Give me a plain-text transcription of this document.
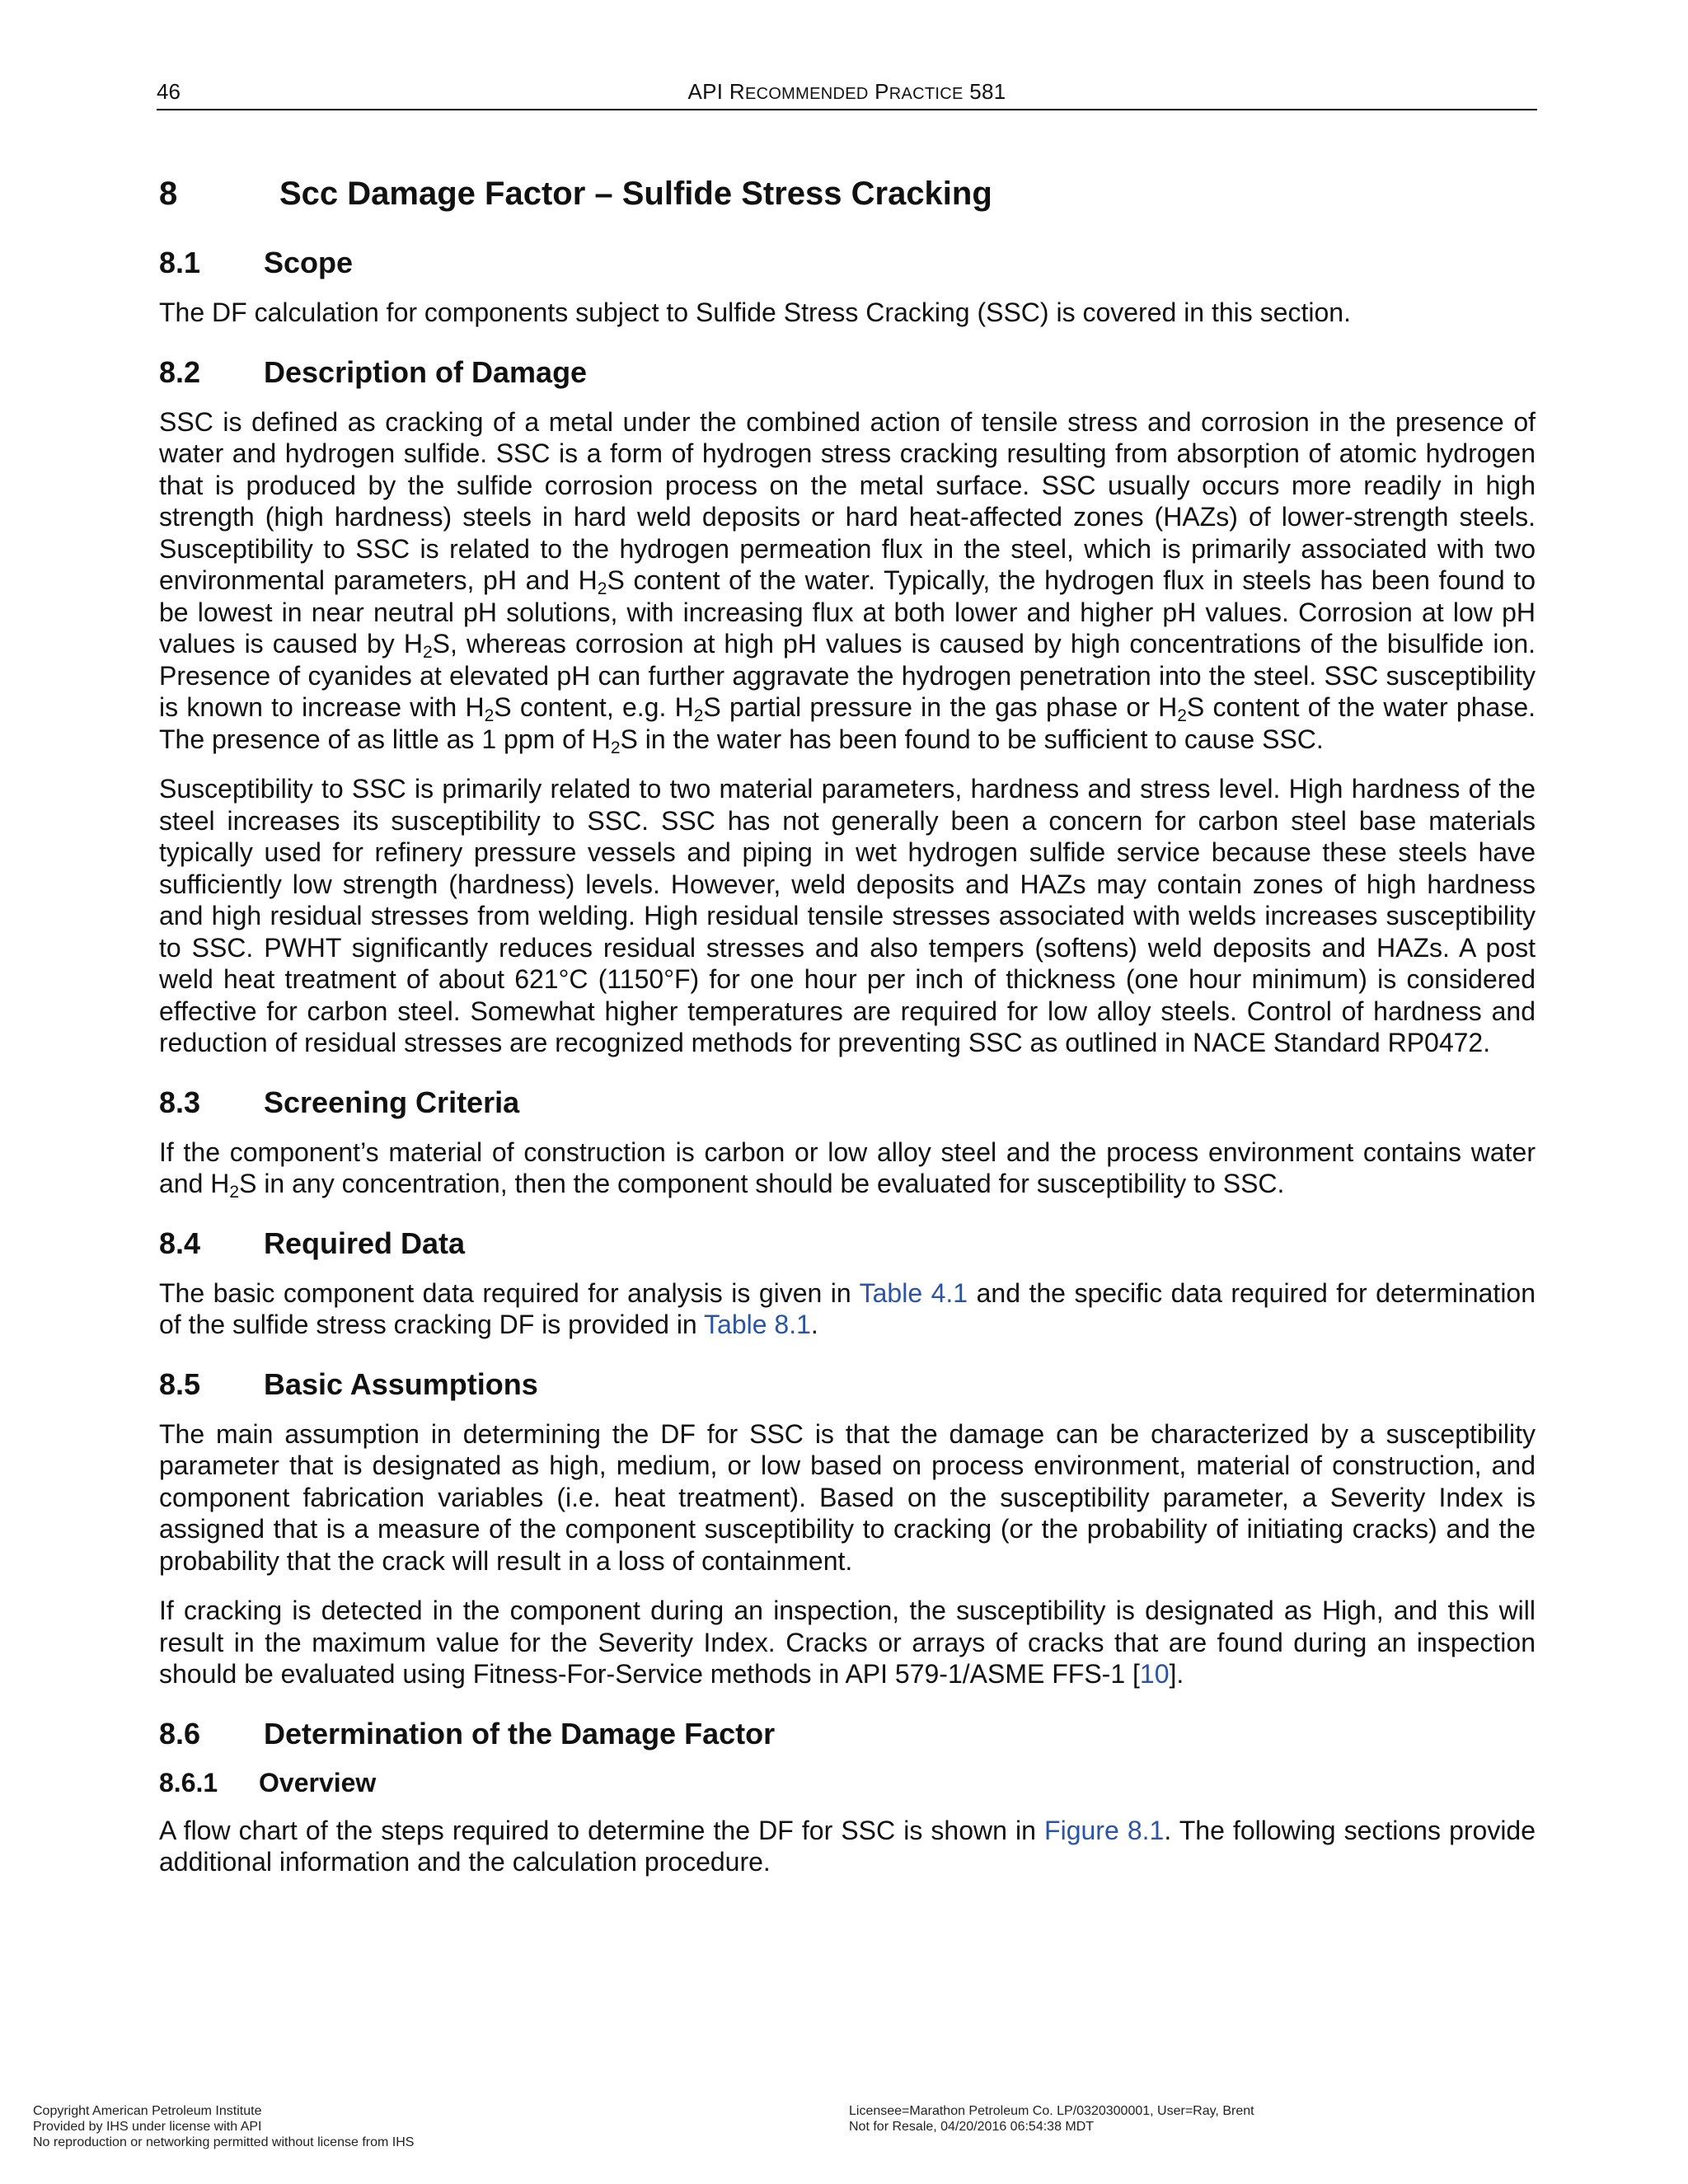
46	API RECOMMENDED PRACTICE 581
8	Scc Damage Factor – Sulfide Stress Cracking
8.1	Scope

The DF calculation for components subject to Sulfide Stress Cracking (SSC) is covered in this section.

8.2	Description of Damage

SSC is defined as cracking of a metal under the combined action of tensile stress and corrosion in the presence of water and hydrogen sulfide. SSC is a form of hydrogen stress cracking resulting from absorption of atomic hydrogen that is produced by the sulfide corrosion process on the metal surface. SSC usually occurs more readily in high strength (high hardness) steels in hard weld deposits or hard heat-affected zones (HAZs) of lower-strength steels. Susceptibility to SSC is related to the hydrogen permeation flux in the steel, which is primarily associated with two environmental parameters, pH and $H_2S$ content of the water. Typically, the hydrogen flux in steels has been found to be lowest in near neutral pH solutions, with increasing flux at both lower and higher pH values. Corrosion at low pH values is caused by $H_2S$, whereas corrosion at high pH values is caused by high concentrations of the bisulfide ion. Presence of cyanides at elevated pH can further aggravate the hydrogen penetration into the steel. SSC susceptibility is known to increase with $H_2S$ content, e.g. $H_2S$ partial pressure in the gas phase or $H_2S$ content of the water phase. The presence of as little as 1 ppm of $H_2S$ in the water has been found to be sufficient to cause SSC.

Susceptibility to SSC is primarily related to two material parameters, hardness and stress level. High hardness of the steel increases its susceptibility to SSC. SSC has not generally been a concern for carbon steel base materials typically used for refinery pressure vessels and piping in wet hydrogen sulfide service because these steels have sufficiently low strength (hardness) levels. However, weld deposits and HAZs may contain zones of high hardness and high residual stresses from welding. High residual tensile stresses associated with welds increases susceptibility to SSC. PWHT significantly reduces residual stresses and also tempers (softens) weld deposits and HAZs. A post weld heat treatment of about 621°C (1150°F) for one hour per inch of thickness (one hour minimum) is considered effective for carbon steel. Somewhat higher temperatures are required for low alloy steels. Control of hardness and reduction of residual stresses are recognized methods for preventing SSC as outlined in NACE Standard RP0472.

8.3	Screening Criteria

If the component’s material of construction is carbon or low alloy steel and the process environment contains water and $H_2S$ in any concentration, then the component should be evaluated for susceptibility to SSC.

8.4	Required Data

The basic component data required for analysis is given in Table 4.1 and the specific data required for determination of the sulfide stress cracking DF is provided in Table 8.1.

8.5	Basic Assumptions

The main assumption in determining the DF for SSC is that the damage can be characterized by a susceptibility parameter that is designated as high, medium, or low based on process environment, material of construction, and component fabrication variables (i.e. heat treatment). Based on the susceptibility parameter, a Severity Index is assigned that is a measure of the component susceptibility to cracking (or the probability of initiating cracks) and the probability that the crack will result in a loss of containment.

If cracking is detected in the component during an inspection, the susceptibility is designated as High, and this will result in the maximum value for the Severity Index. Cracks or arrays of cracks that are found during an inspection should be evaluated using Fitness-For-Service methods in API 579-1/ASME FFS-1 [10].

8.6	Determination of the Damage Factor
8.6.1	Overview

A flow chart of the steps required to determine the DF for SSC is shown in Figure 8.1. The following sections provide additional information and the calculation procedure.

Copyright American Petroleum Institute
Provided by IHS under license with API
No reproduction or networking permitted without license from IHS
Licensee=Marathon Petroleum Co. LP/0320300001, User=Ray, Brent
Not for Resale, 04/20/2016 06:54:38 MDT
